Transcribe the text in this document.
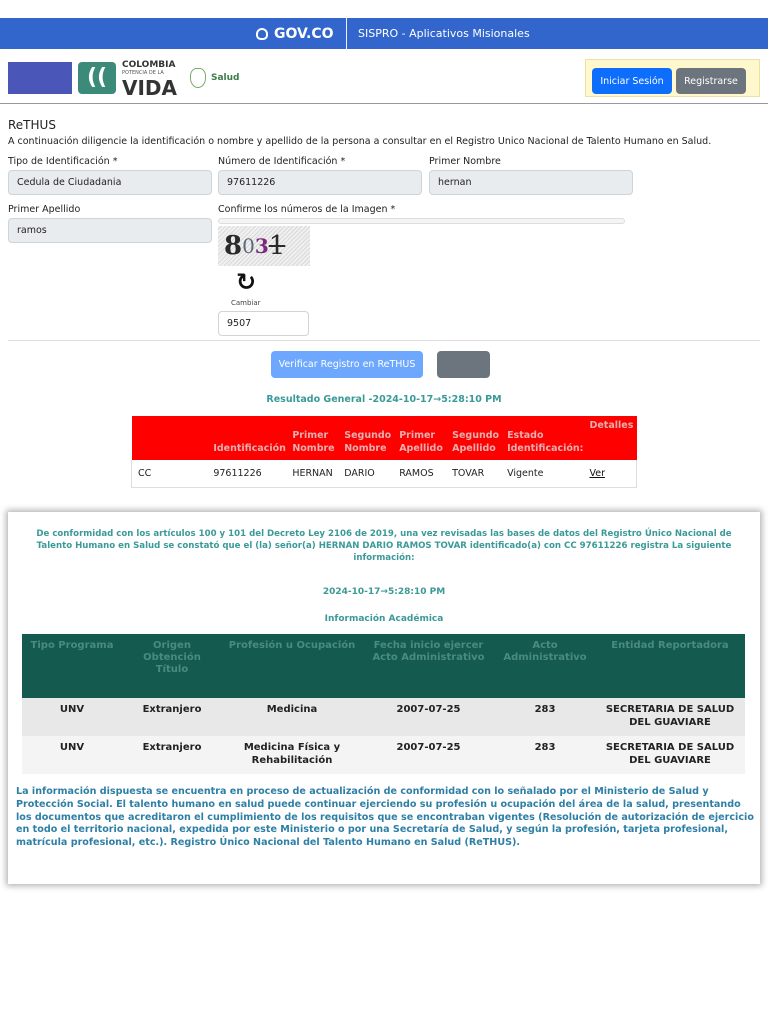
GOV.CO SISPRO - Aplicativos Misionales
((	COLOMBIA
POTENCIA DE LA
VIDA	Salud	Iniciar Sesión	Registrarse
ReTHUS
A continuación diligencie la identificación o nombre y apellido de la persona a consultar en el Registro Unico Nacional de Talento Humano en Salud.
Tipo de Identificación *
Cedula de Ciudadania
Número de Identificación *
97611226
Primer Nombre
hernan
Primer Apellido
ramos
Confirme los números de la Imagen *
8 0 3 1
↻
Cambiar
9507
Verificar Registro en ReTHUS
Resultado General -2024-10-17→5:28:10 PM
	Identificación	Primer Nombre	Segundo Nombre	Primer Apellido	Segundo Apellido	Estado Identificación:	Detalles
CC	97611226	HERNAN	DARIO	RAMOS	TOVAR	Vigente	Ver
De conformidad con los artículos 100 y 101 del Decreto Ley 2106 de 2019, una vez revisadas las bases de datos del Registro Único Nacional de Talento Humano en Salud se constató que el (la) señor(a) HERNAN DARIO RAMOS TOVAR identificado(a) con CC 97611226 registra La siguiente información:
2024-10-17→5:28:10 PM
Información Académica
Tipo Programa	Origen Obtención Título	Profesión u Ocupación	Fecha inicio ejercer Acto Administrativo	Acto Administrativo	Entidad Reportadora
UNV	Extranjero	Medicina	2007-07-25	283	SECRETARIA DE SALUD DEL GUAVIARE
UNV	Extranjero	Medicina Física y Rehabilitación	2007-07-25	283	SECRETARIA DE SALUD DEL GUAVIARE
La información dispuesta se encuentra en proceso de actualización de conformidad con lo señalado por el Ministerio de Salud y Protección Social. El talento humano en salud puede continuar ejerciendo su profesión u ocupación del área de la salud, presentando los documentos que acreditaron el cumplimiento de los requisitos que se encontraban vigentes (Resolución de autorización de ejercicio en todo el territorio nacional, expedida por este Ministerio o por una Secretaría de Salud, y según la profesión, tarjeta profesional, matrícula profesional, etc.). Registro Único Nacional del Talento Humano en Salud (ReTHUS).
